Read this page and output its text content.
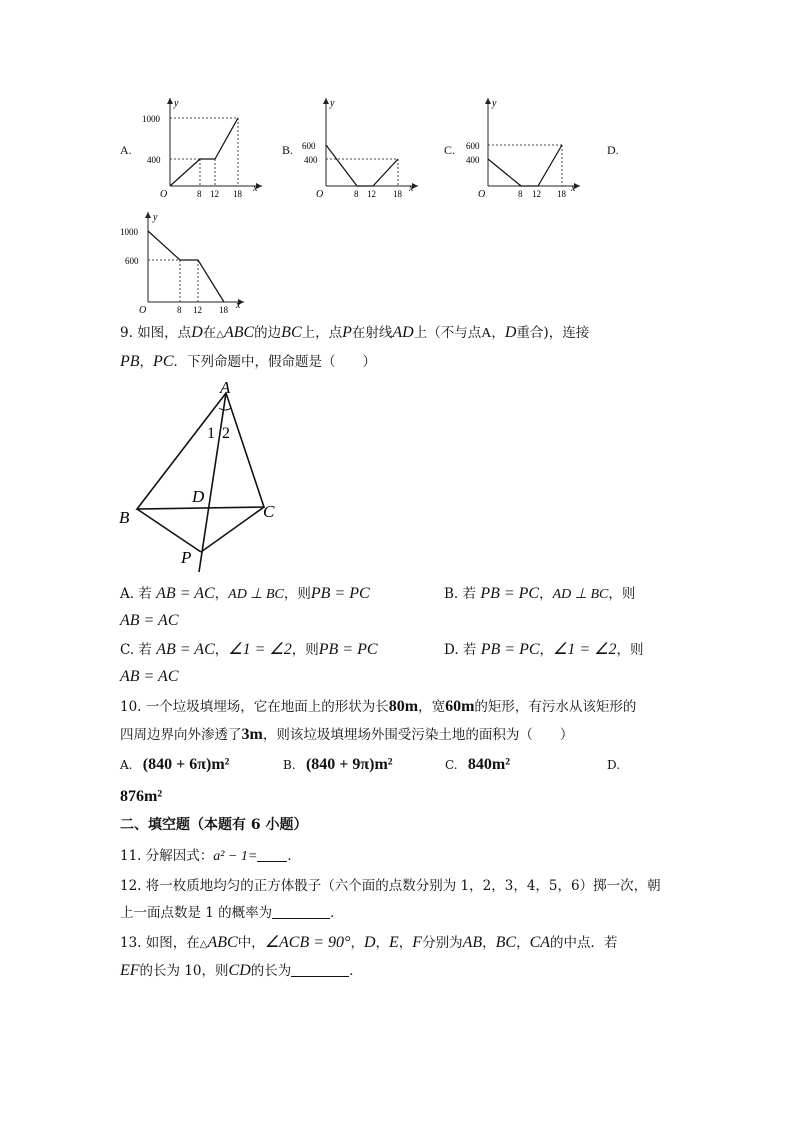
A.
y
x
O
1000
400
8 12 18
B.
y
x
O
600
400
8 12 18
C.
y
x
O
600
400
8 12 18
D.
y
x
O
1000
600
8 12 18
9. 如图，点D在△ABC的边BC上，点P在射线AD上（不与点A，D重合)，连接
PB，PC．下列命题中，假命题是（　　）
A
B	C
D
P
1 2
A. 若 AB = AC，AD ⊥ BC，则PB = PC	B. 若 PB = PC，AD ⊥ BC，则
AB = AC
C. 若 AB = AC，∠1 = ∠2，则PB = PC	D. 若 PB = PC，∠1 = ∠2，则
AB = AC
10. 一个垃圾填埋场，它在地面上的形状为长80m，宽60m的矩形，有污水从该矩形的
四周边界向外渗透了3m，则该垃圾填埋场外围受污染土地的面积为（　　）
A. (840 + 6π)m²	B. (840 + 9π)m²	C. 840m²	D.
876m²
二、填空题（本题有 6 小题）
11. 分解因式：a² − 1= ．
12. 将一枚质地均匀的正方体骰子（六个面的点数分别为 1，2，3，4，5，6）掷一次，朝
上一面点数是 1 的概率为	．
13. 如图，在△ABC中，∠ACB = 90°，D，E，F分别为AB，BC，CA的中点．若
EF的长为 10，则CD的长为	．
